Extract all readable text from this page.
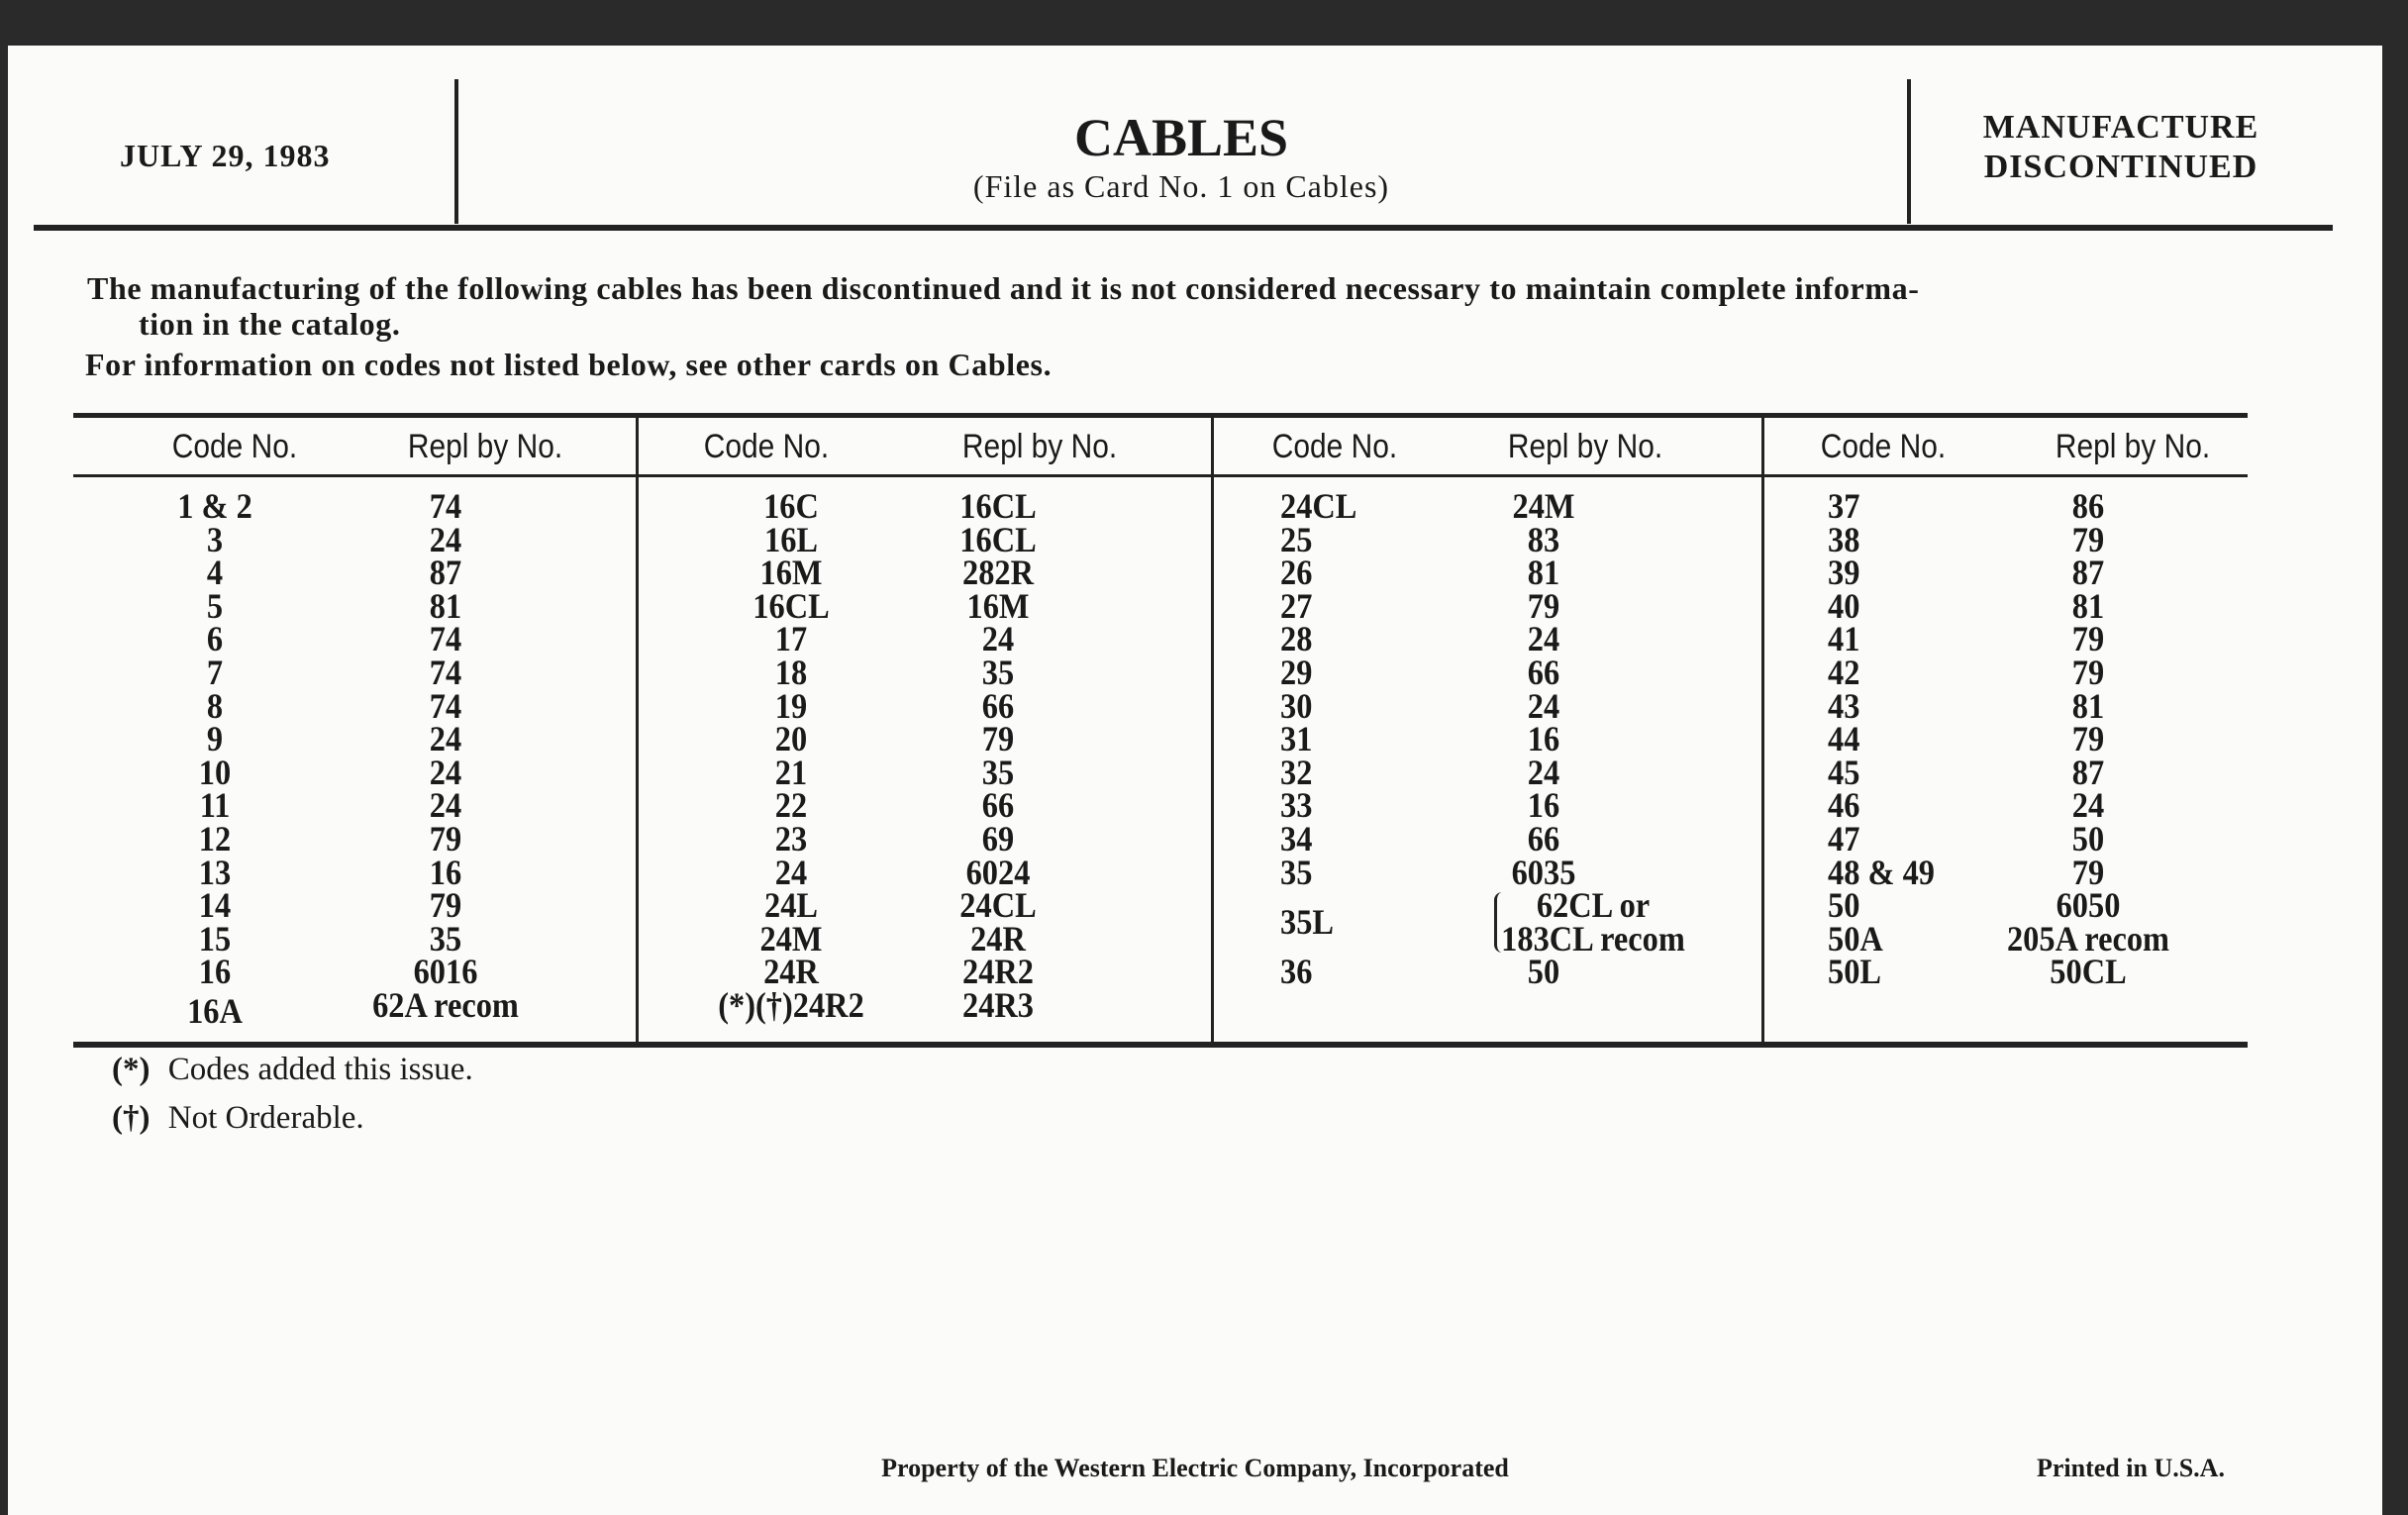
JULY 29, 1983	CABLES
(File as Card No. 1 on Cables)
MANUFACTURE
DISCONTINUED
The manufacturing of the following cables has been discontinued and it is not considered necessary to maintain complete informa-
tion in the catalog.
For information on codes not listed below, see other cards on Cables.
Code No.	Repl by No.
1 & 2	74
3	24
4	87
5	81
6	74
7	74
8	74
9	24
10	24
11	24
12	79
13	16
14	79
15	35
16	6016
16A	62A recom
Code No.	Repl by No.
16C	16CL
16L	16CL
16M	282R
16CL	16M
17	24
18	35
19	66
20	79
21	35
22	66
23	69
24	6024
24L	24CL
24M	24R
24R	24R2
(*)(†)24R2	24R3
Code No.	Repl by No.
24CL	24M
25	83
26	81
27	79
28	24
29	66
30	24
31	16
32	24
33	16
34	66
35	6035
35L	62CL or
183CL recom
36	50
Code No.	Repl by No.
37	86
38	79
39	87
40	81
41	79
42	79
43	81
44	79
45	87
46	24
47	50
48 & 49	79
50	6050
50A	205A recom
50L	50CL
(*) Codes added this issue.
(†) Not Orderable.
Property of the Western Electric Company, Incorporated	Printed in U.S.A.
